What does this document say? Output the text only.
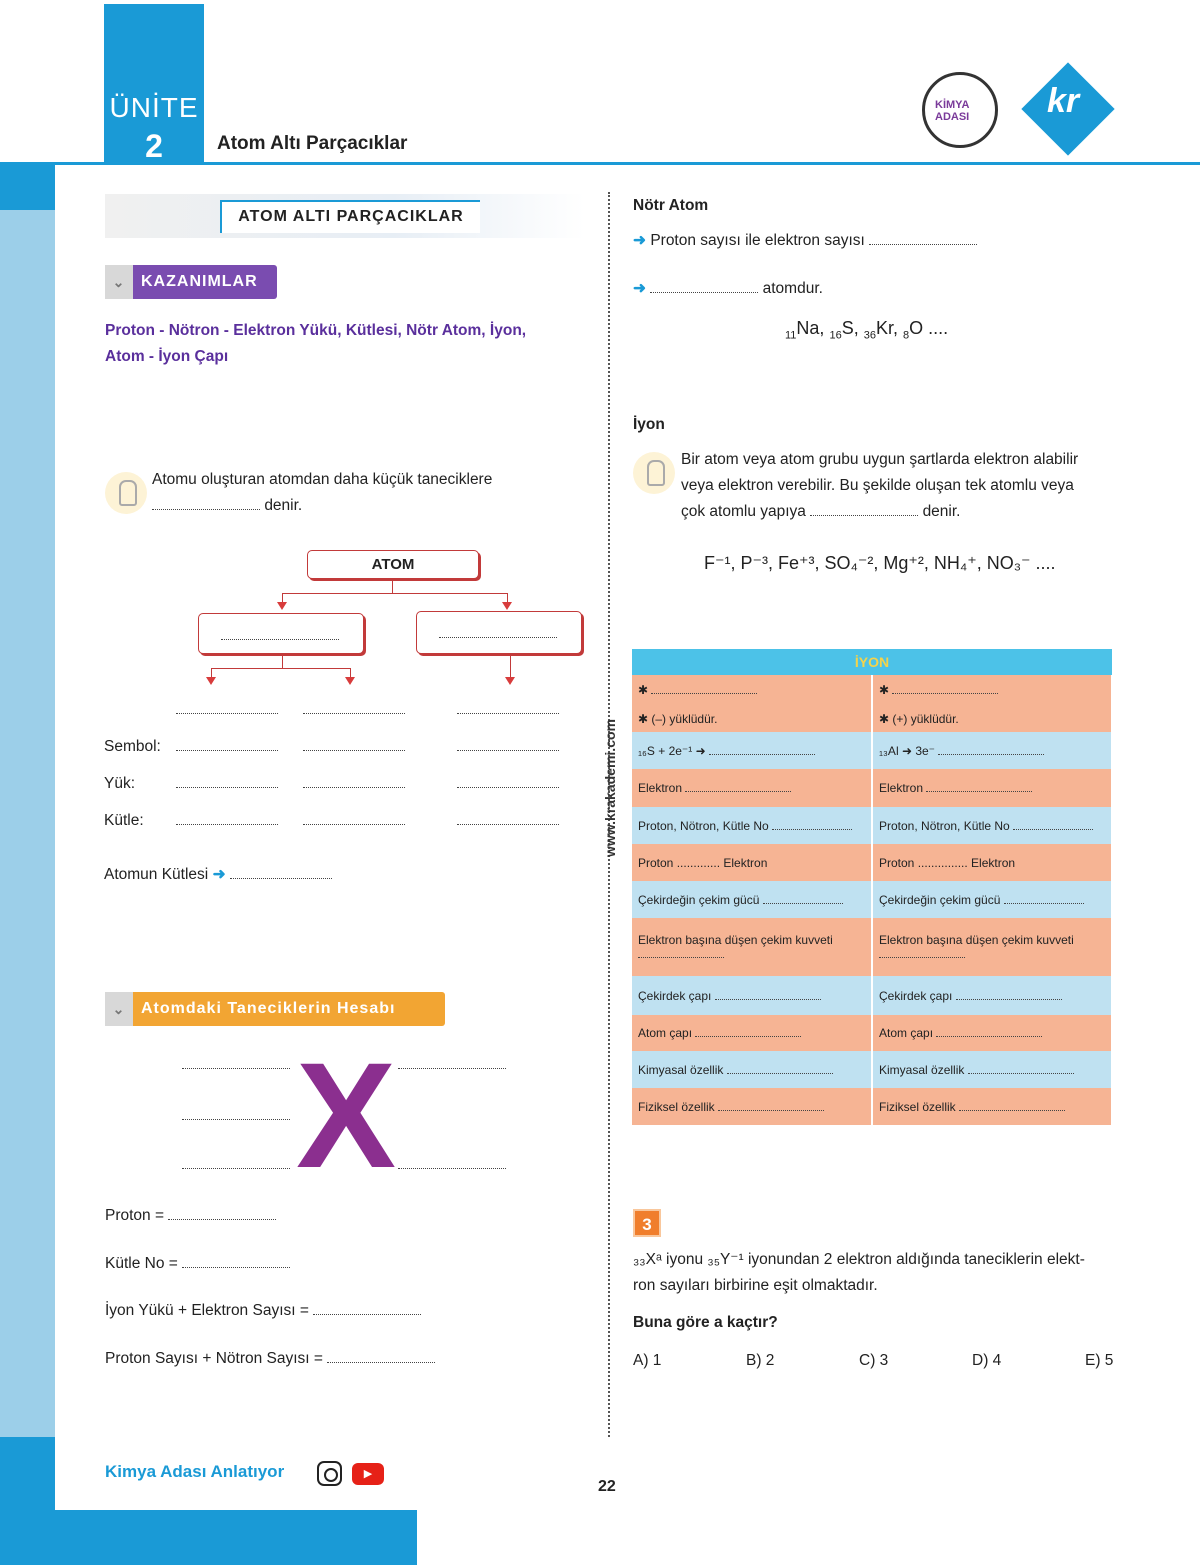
ÜNİTE
2	Atom Altı Parçacıklar
KİMYA ADASI	kr
www.krakademi.com
ATOM ALTI PARÇACIKLAR
⌄ KAZANIMLAR
Proton - Nötron - Elektron Yükü, Kütlesi, Nötr Atom, İyon,
Atom - İyon Çapı
Atomu oluşturan atomdan daha küçük taneciklere
denir.
ATOM
Sembol:
Yük:
Kütle:
Atomun Kütlesi ➜
⌄ Atomdaki Taneciklerin Hesabı
X
Proton =
Kütle No =
İyon Yükü + Elektron Sayısı =
Proton Sayısı + Nötron Sayısı =
Nötr Atom
➜ Proton sayısı ile elektron sayısı
➜	atomdur.
$_{11}$Na, $_{16}$S, $_{36}$Kr, $_8$O ....
İyon
Bir atom veya atom grubu uygun şartlarda elektron alabilir
veya elektron verebilir. Bu şekilde oluşan tek atomlu veya
çok atomlu yapıya	denir.
F⁻¹, P⁻³, Fe⁺³, SO₄⁻², Mg⁺², NH₄⁺, NO₃⁻ ....
İYON	
✱	✱
✱ (–) yüklüdür.	✱ (+) yüklüdür.
₁₆S + 2e⁻¹ ➜	₁₃Al ➜ 3e⁻
Elektron	Elektron
Proton, Nötron, Kütle No	Proton, Nötron, Kütle No
Proton ............. Elektron	Proton ............... Elektron
Çekirdeğin çekim gücü	Çekirdeğin çekim gücü
Elektron başına düşen çekim kuvveti	Elektron başına düşen çekim kuvveti

Çekirdek çapı	Çekirdek çapı
Atom çapı	Atom çapı
Kimyasal özellik	Kimyasal özellik
Fiziksel özellik	Fiziksel özellik
3
₃₃Xᵃ iyonu ₃₅Y⁻¹ iyonundan 2 elektron aldığında taneciklerin elekt-
ron sayıları birbirine eşit olmaktadır.
Buna göre a kaçtır?
A) 1	B) 2	C) 3	D) 4	E) 5
Kimya Adası Anlatıyor	▶
22
